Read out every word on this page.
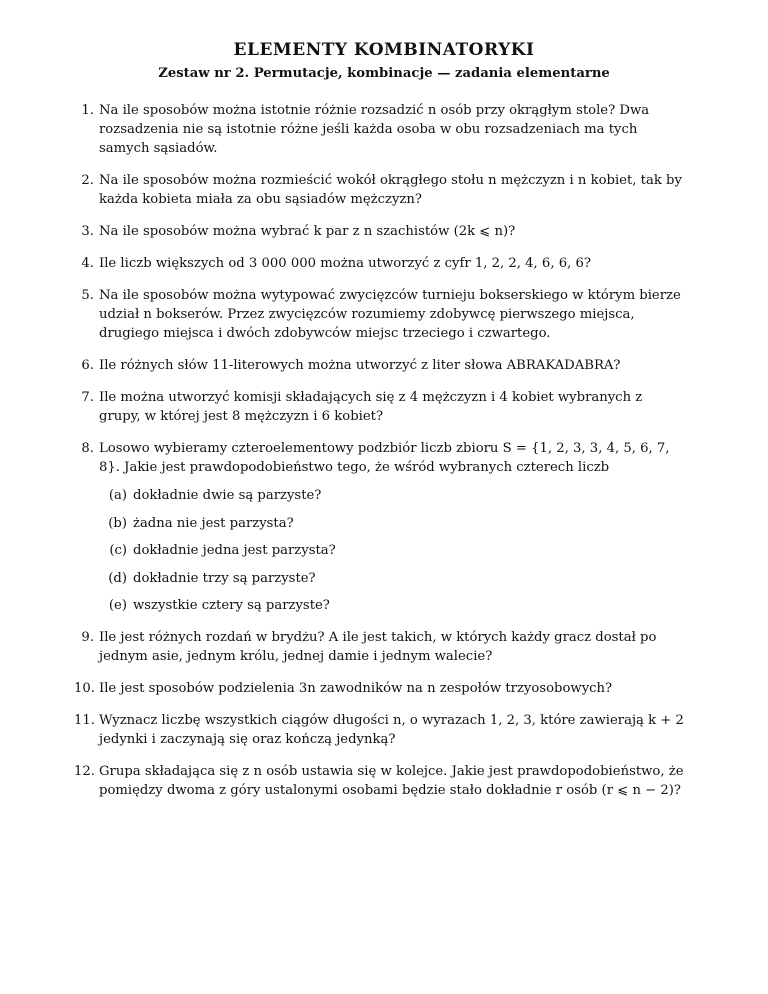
ELEMENTY KOMBINATORYKI
Zestaw nr 2. Permutacje, kombinacje — zadania elementarne
1. Na ile sposobów można istotnie różnie rozsadzić n osób przy okrągłym stole? Dwa rozsadzenia nie są istotnie różne jeśli każda osoba w obu rozsadzeniach ma tych samych sąsiadów.
2. Na ile sposobów można rozmieścić wokół okrągłego stołu n mężczyzn i n kobiet, tak by każda kobieta miała za obu sąsiadów mężczyzn?
3. Na ile sposobów można wybrać k par z n szachistów (2k ⩽ n)?
4. Ile liczb większych od 3 000 000 można utworzyć z cyfr 1, 2, 2, 4, 6, 6, 6?
5. Na ile sposobów można wytypować zwycięzców turnieju bokserskiego w którym bierze udział n bokserów. Przez zwycięzców rozumiemy zdobywcę pierwszego miejsca, drugiego miejsca i dwóch zdobywców miejsc trzeciego i czwartego.
6. Ile różnych słów 11-literowych można utworzyć z liter słowa ABRAKADABRA?
7. Ile można utworzyć komisji składających się z 4 mężczyzn i 4 kobiet wybranych z grupy, w której jest 8 mężczyzn i 6 kobiet?
8. Losowo wybieramy czteroelementowy podzbiór liczb zbioru S = {1, 2, 3, 3, 4, 5, 6, 7, 8}. Jakie jest prawdopodobieństwo tego, że wśród wybranych czterech liczb
(a) dokładnie dwie są parzyste?
(b) żadna nie jest parzysta?
(c) dokładnie jedna jest parzysta?
(d) dokładnie trzy są parzyste?
(e) wszystkie cztery są parzyste?
9. Ile jest różnych rozdań w brydżu? A ile jest takich, w których każdy gracz dostał po jednym asie, jednym królu, jednej damie i jednym walecie?
10. Ile jest sposobów podzielenia 3n zawodników na n zespołów trzyosobowych?
11. Wyznacz liczbę wszystkich ciągów długości n, o wyrazach 1, 2, 3, które zawierają k + 2 jedynki i zaczynają się oraz kończą jedynką?
12. Grupa składająca się z n osób ustawia się w kolejce. Jakie jest prawdopodobieństwo, że pomiędzy dwoma z góry ustalonymi osobami będzie stało dokładnie r osób (r ⩽ n − 2)?
